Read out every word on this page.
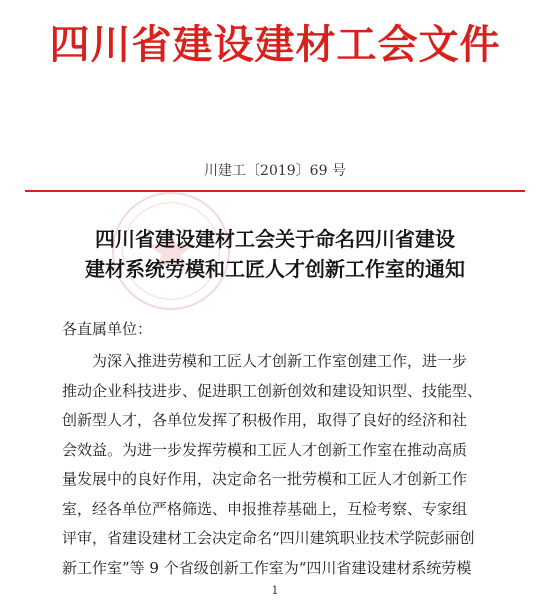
四川省建设建材工会文件
川建工〔2019〕69 号
四川省建设建材工会关于命名四川省建设
建材系统劳模和工匠人才创新工作室的通知
各直属单位：
为深入推进劳模和工匠人才创新工作室创建工作，进一步
推动企业科技进步、促进职工创新创效和建设知识型、技能型、
创新型人才，各单位发挥了积极作用，取得了良好的经济和社
会效益。为进一步发挥劳模和工匠人才创新工作室在推动高质
量发展中的良好作用，决定命名一批劳模和工匠人才创新工作
室，经各单位严格筛选、申报推荐基础上，互检考察、专家组
评审，省建设建材工会决定命名“四川建筑职业技术学院彭丽创
新工作室”等 9 个省级创新工作室为“四川省建设建材系统劳模
1
